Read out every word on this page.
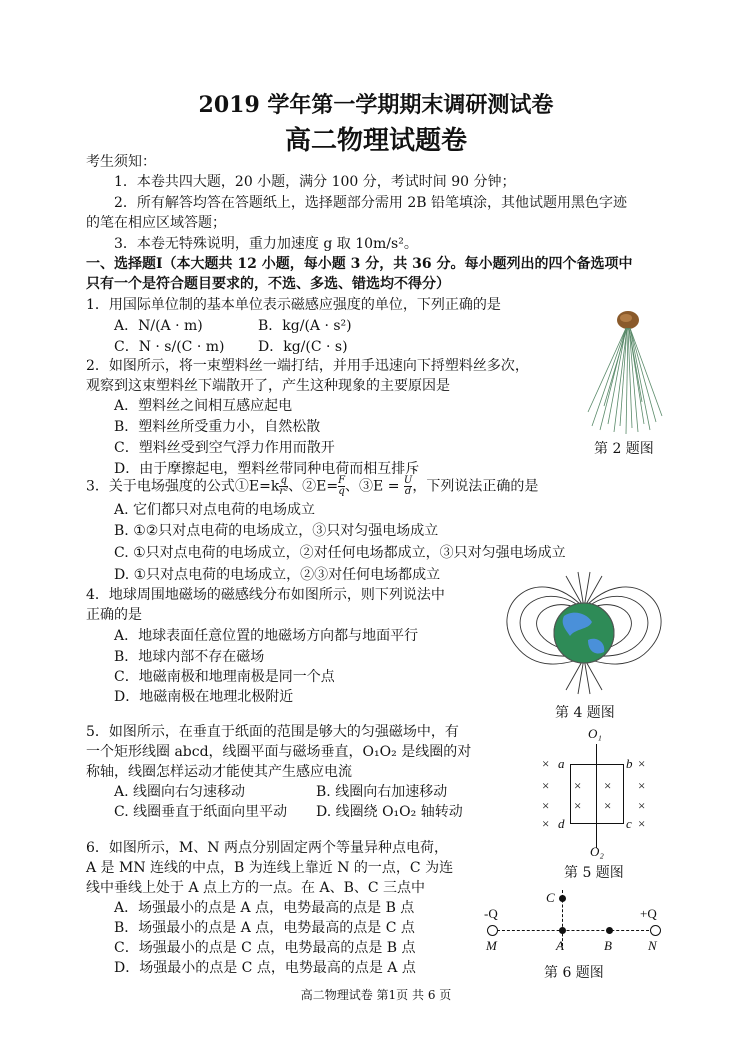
2019 学年第一学期期末调研测试卷
高二物理试题卷
考生须知：
1．本卷共四大题，20 小题，满分 100 分，考试时间 90 分钟；
2．所有解答均答在答题纸上，选择题部分需用 2B 铅笔填涂，其他试题用黑色字迹
的笔在相应区域答题；
3．本卷无特殊说明，重力加速度 g 取 10m/s²。
一、选择题Ⅰ（本大题共 12 小题，每小题 3 分，共 36 分。每小题列出的四个备选项中
只有一个是符合题目要求的，不选、多选、错选均不得分）
1．用国际单位制的基本单位表示磁感应强度的单位，下列正确的是
A．N/(A · m)	B．kg/(A · s²)
C．N · s/(C · m) D．kg/(C · s)
2．如图所示，将一束塑料丝一端打结，并用手迅速向下捋塑料丝多次，
观察到这束塑料丝下端散开了，产生这种现象的主要原因是
A．塑料丝之间相互感应起电
B．塑料丝所受重力小，自然松散
C．塑料丝受到空气浮力作用而散开
D．由于摩擦起电，塑料丝带同种电荷而相互排斥
第 2 题图
3．关于电场强度的公式①E=k $\frac{q}{\text{r²}}$ 、②E= $\frac{F}{q}$ 、③E = $\frac{U}{d}$ ，下列说法正确的是
A. 它们都只对点电荷的电场成立
B. ①②只对点电荷的电场成立，③只对匀强电场成立
C. ①只对点电荷的电场成立，②对任何电场都成立，③只对匀强电场成立
D. ①只对点电荷的电场成立，②③对任何电场都成立
4．地球周围地磁场的磁感线分布如图所示，则下列说法中
正确的是
A．地球表面任意位置的地磁场方向都与地面平行
B．地球内部不存在磁场
C．地磁南极和地理南极是同一个点
D．地磁南极在地理北极附近
第 4 题图
5．如图所示，在垂直于纸面的范围是够大的匀强磁场中，有
一个矩形线圈 abcd，线圈平面与磁场垂直，O₁O₂ 是线圈的对
称轴，线圈怎样运动才能使其产生感应电流
A. 线圈向右匀速移动	B. 线圈向右加速移动
C. 线圈垂直于纸面向里平动 D. 线圈绕 O₁O₂ 轴转动
O₁
a	b
c
d
O₂
×	×
× × × ×
× × × ×
×	×
第 5 题图
6．如图所示，M、N 两点分别固定两个等量异种点电荷，
A 是 MN 连线的中点，B 为连线上靠近 N 的一点，C 为连
线中垂线上处于 A 点上方的一点。在 A、B、C 三点中
A．场强最小的点是 A 点，电势最高的点是 B 点
B．场强最小的点是 A 点，电势最高的点是 C 点
C．场强最小的点是 C 点，电势最高的点是 B 点
D．场强最小的点是 C 点，电势最高的点是 A 点
-Q	+Q
M	N
A	B
C
第 6 题图
高二物理试卷 第1页 共 6 页
